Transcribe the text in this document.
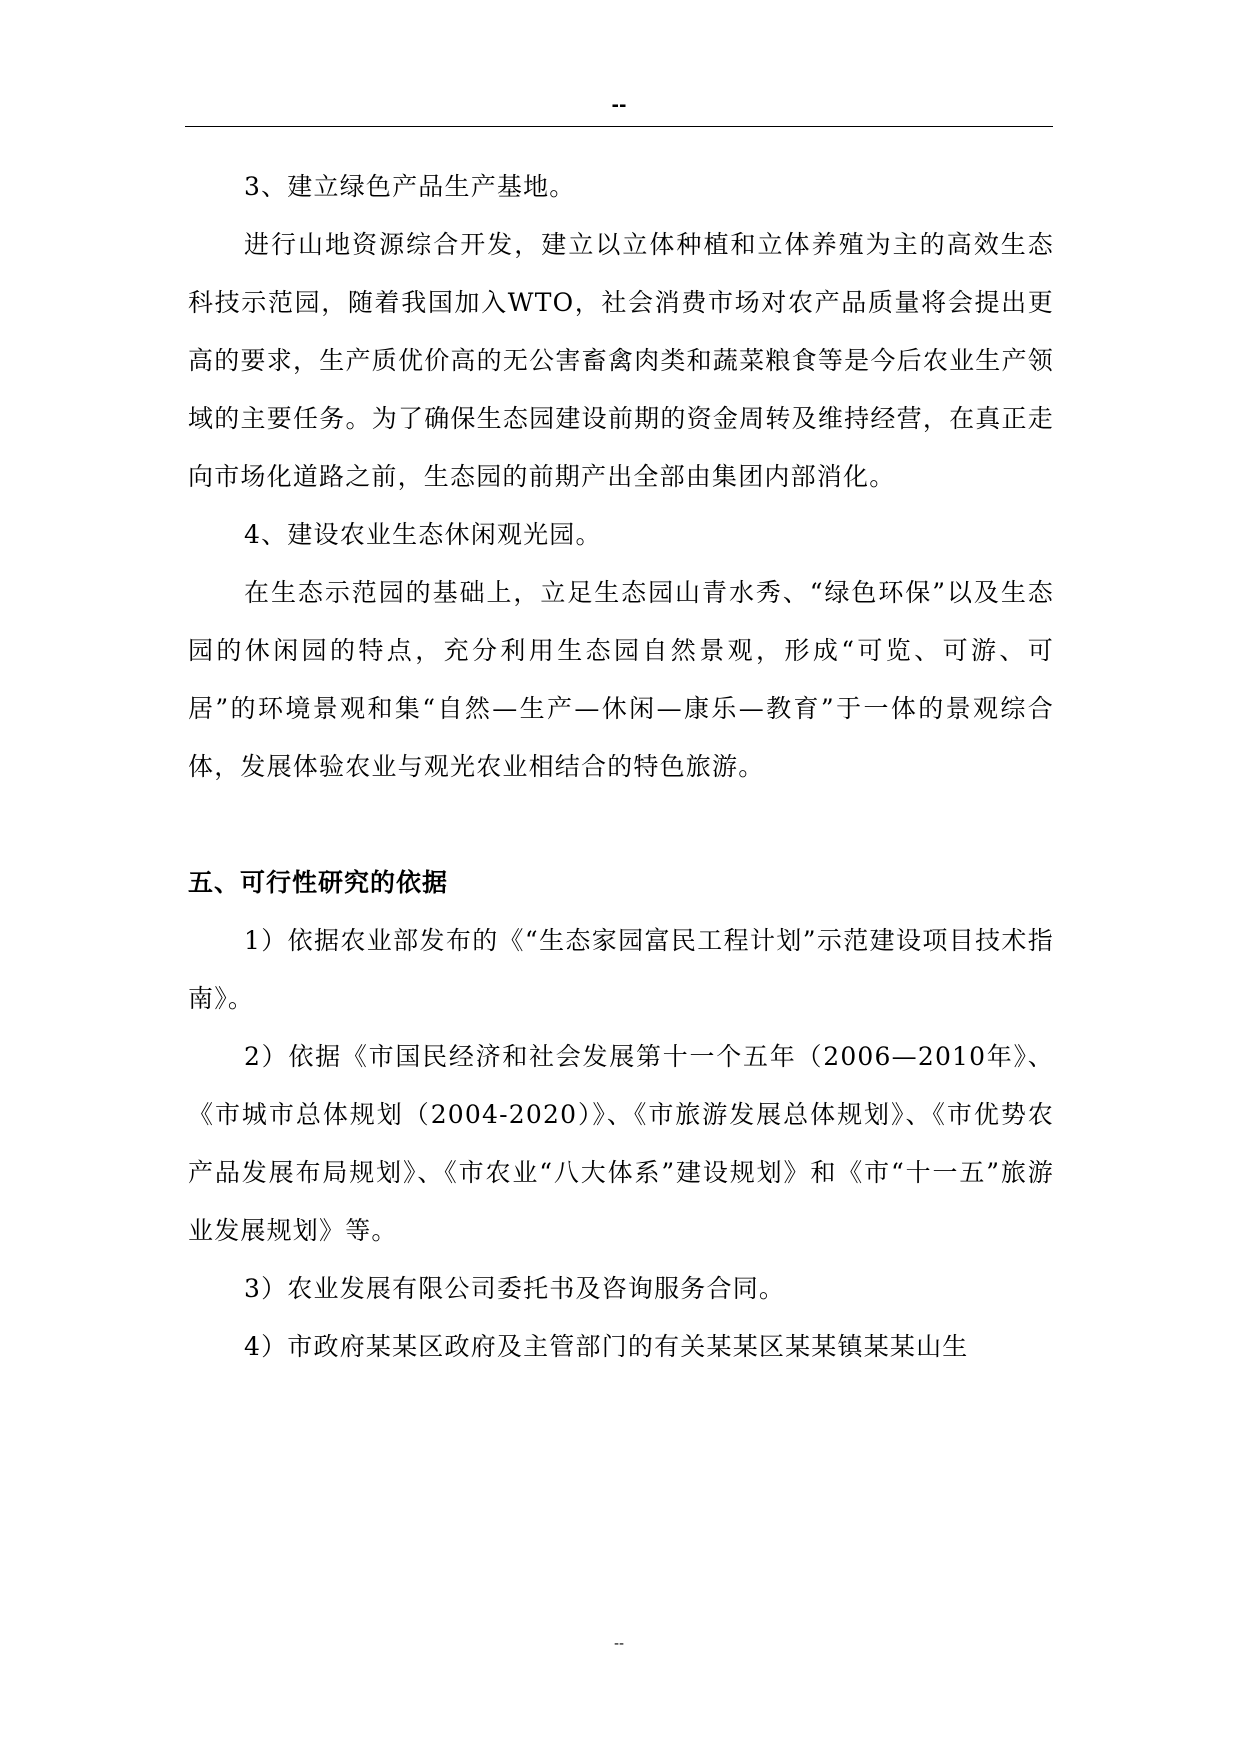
--

3、建立绿色产品生产基地。

进行山地资源综合开发，建立以立体种植和立体养殖为主的高效生态科技示范园，随着我国加入WTO，社会消费市场对农产品质量将会提出更高的要求，生产质优价高的无公害畜禽肉类和蔬菜粮食等是今后农业生产领域的主要任务。为了确保生态园建设前期的资金周转及维持经营，在真正走向市场化道路之前，生态园的前期产出全部由集团内部消化。

4、建设农业生态休闲观光园。

在生态示范园的基础上，立足生态园山青水秀、“绿色环保”以及生态园的休闲园的特点，充分利用生态园自然景观，形成“可览、可游、可居”的环境景观和集“自然—生产—休闲—康乐—教育”于一体的景观综合体，发展体验农业与观光农业相结合的特色旅游。

五、可行性研究的依据

1）依据农业部发布的《“生态家园富民工程计划”示范建设项目技术指南》。

2）依据《市国民经济和社会发展第十一个五年（2006—2010年》、《市城市总体规划（2004-2020）》、《市旅游发展总体规划》、《市优势农产品发展布局规划》、《市农业“八大体系”建设规划》和《市“十一五”旅游业发展规划》等。

3）农业发展有限公司委托书及咨询服务合同。

4）市政府某某区政府及主管部门的有关某某区某某镇某某山生

--
